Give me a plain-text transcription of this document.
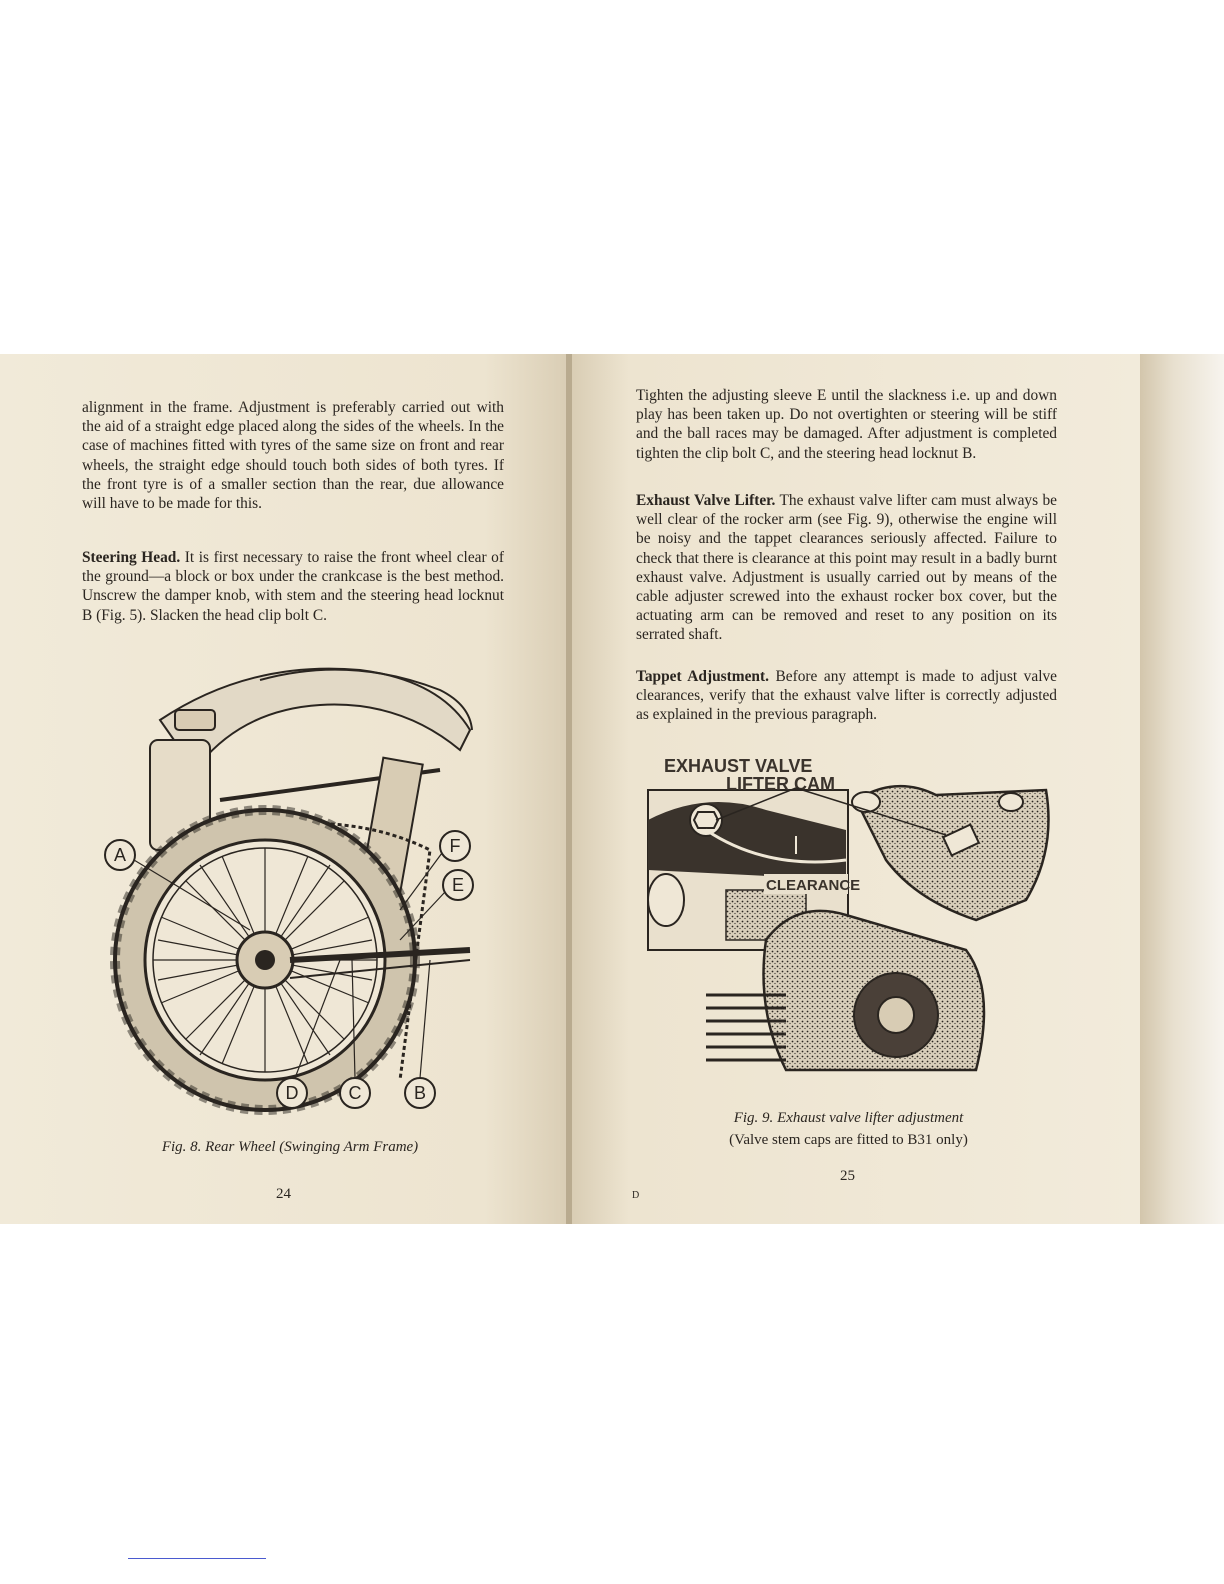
alignment in the frame. Adjustment is preferably carried out with the aid of a straight edge placed along the sides of the wheels. In the case of machines fitted with tyres of the same size on front and rear wheels, the straight edge should touch both sides of both tyres. If the front tyre is of a smaller section than the rear, due allowance will have to be made for this.

Steering Head. It is first necessary to raise the front wheel clear of the ground—a block or box under the crankcase is the best method. Unscrew the damper knob, with stem and the steering head locknut B (Fig. 5). Slacken the head clip bolt C.

A	F
E
D	C	B

Fig. 8. Rear Wheel (Swinging Arm Frame)

24

Tighten the adjusting sleeve E until the slackness i.e. up and down play has been taken up. Do not overtighten or steering will be stiff and the ball races may be damaged. After adjustment is completed tighten the clip bolt C, and the steering head locknut B.

Exhaust Valve Lifter. The exhaust valve lifter cam must always be well clear of the rocker arm (see Fig. 9), otherwise the engine will be noisy and the tappet clearances seriously affected. Failure to check that there is clearance at this point may result in a badly burnt exhaust valve. Adjustment is usually carried out by means of the cable adjuster screwed into the exhaust rocker box cover, but the actuating arm can be removed and reset to any position on its serrated shaft.

Tappet Adjustment. Before any attempt is made to adjust valve clearances, verify that the exhaust valve lifter is correctly adjusted as explained in the previous paragraph.

EXHAUST VALVE
LIFTER CAM
CLEARANCE

Fig. 9. Exhaust valve lifter adjustment

(Valve stem caps are fitted to B31 only)

25
D
